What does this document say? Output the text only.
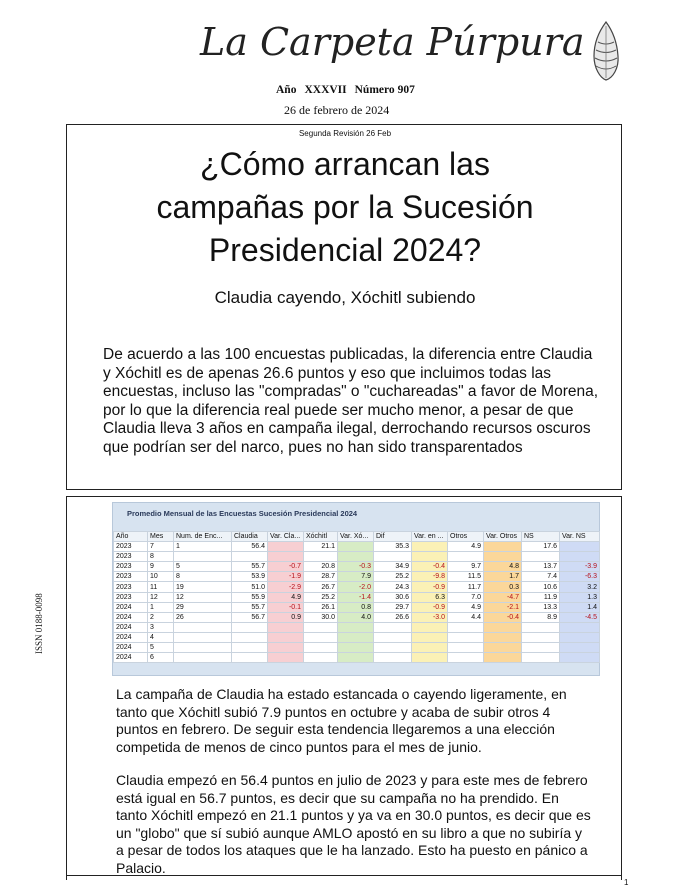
La Carpeta Púrpura
Año XXXVII Número 907
26 de febrero de 2024
Segunda Revisión 26 Feb
¿Cómo arrancan las
campañas por la Sucesión
Presidencial 2024?
Claudia cayendo, Xóchitl subiendo
De acuerdo a las 100 encuestas publicadas, la diferencia entre Claudia y Xóchitl es de apenas 26.6 puntos y eso que incluimos todas las encuestas, incluso las "compradas" o "cuchareadas" a favor de Morena, por lo que la diferencia real puede ser mucho menor, a pesar de que Claudia lleva 3 años en campaña ilegal, derrochando recursos oscuros que podrían ser del narco, pues no han sido transparentados
ISSN 0188-0098
Promedio Mensual de las Encuestas Sucesión Presidencial 2024
Año	Mes	Num. de Enc...	Claudia	Var. Cla...	Xóchitl	Var. Xó...	Dif	Var. en ...	Otros	Var. Otros	NS	Var. NS
2023	7	1	56.4		21.1		35.3		4.9		17.6	
2023	8											
2023	9	5	55.7	-0.7	20.8	-0.3	34.9	-0.4	9.7	4.8	13.7	-3.9
2023	10	8	53.9	-1.9	28.7	7.9	25.2	-9.8	11.5	1.7	7.4	-6.3
2023	11	19	51.0	-2.9	26.7	-2.0	24.3	-0.9	11.7	0.3	10.6	3.2
2023	12	12	55.9	4.9	25.2	-1.4	30.6	6.3	7.0	-4.7	11.9	1.3
2024	1	29	55.7	-0.1	26.1	0.8	29.7	-0.9	4.9	-2.1	13.3	1.4
2024	2	26	56.7	0.9	30.0	4.0	26.6	-3.0	4.4	-0.4	8.9	-4.5
2024	3											
2024	4											
2024	5											
2024	6											
La campaña de Claudia ha estado estancada o cayendo ligeramente, en tanto que Xóchitl subió 7.9 puntos en octubre y acaba de subir otros 4 puntos en febrero. De seguir esta tendencia llegaremos a una elección competida de menos de cinco puntos para el mes de junio.
Claudia empezó en 56.4 puntos en julio de 2023 y para este mes de febrero está igual en 56.7 puntos, es decir que su campaña no ha prendido. En tanto Xóchitl empezó en 21.1 puntos y ya va en 30.0 puntos, es decir que es un "globo" que sí subió aunque AMLO apostó en su libro a que no subiría y a pesar de todos los ataques que le ha lanzado. Esto ha puesto en pánico a Palacio.
1
